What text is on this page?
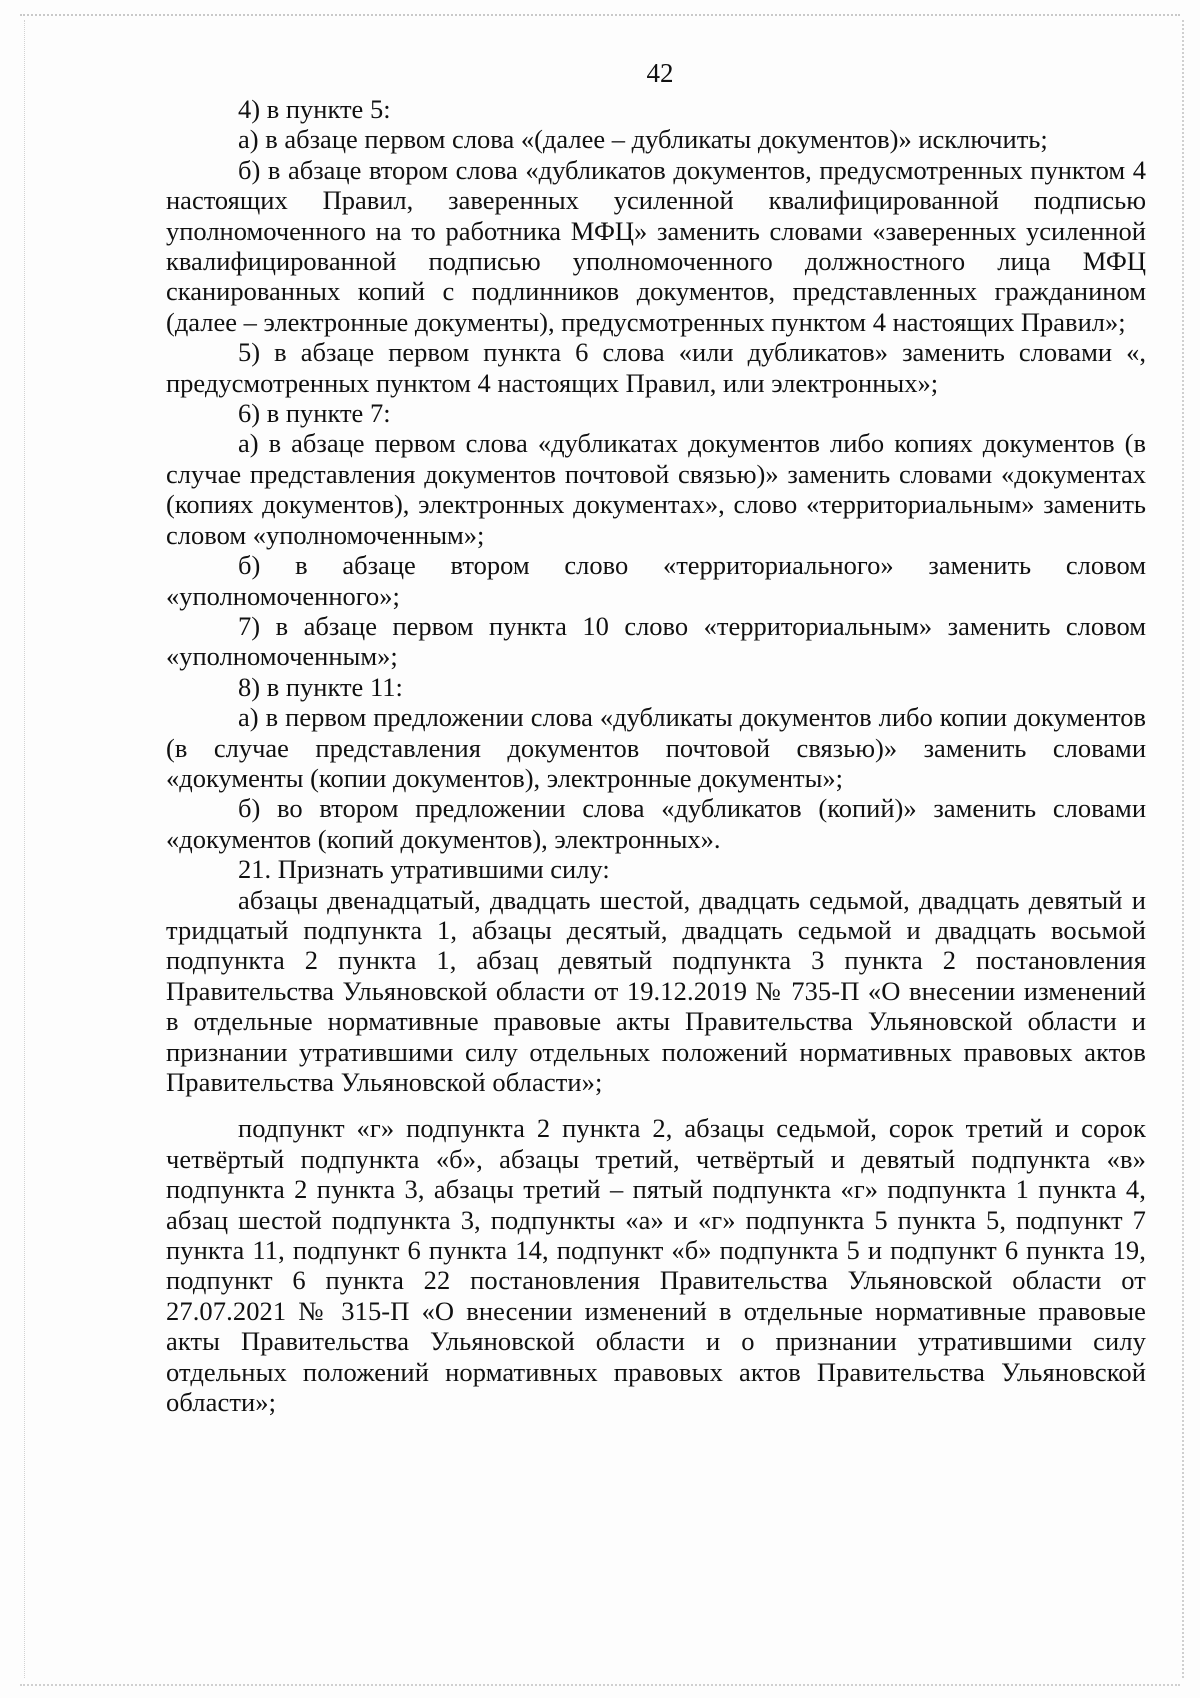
42

4) в пункте 5:

а) в абзаце первом слова «(далее – дубликаты документов)» исключить;

б) в абзаце втором слова «дубликатов документов, предусмотренных пунктом 4 настоящих Правил, заверенных усиленной квалифицированной подписью уполномоченного на то работника МФЦ» заменить словами «заверенных усиленной квалифицированной подписью уполномоченного должностного лица МФЦ сканированных копий с подлинников документов, представленных гражданином (далее – электронные документы), предусмотренных пунктом 4 настоящих Правил»;

5) в абзаце первом пункта 6 слова «или дубликатов» заменить словами «, предусмотренных пунктом 4 настоящих Правил, или электронных»;

6) в пункте 7:

а) в абзаце первом слова «дубликатах документов либо копиях документов (в случае представления документов почтовой связью)» заменить словами «документах (копиях документов), электронных документах», слово «территориальным» заменить словом «уполномоченным»;

б) в абзаце втором слово «территориального» заменить словом «уполномоченного»;

7) в абзаце первом пункта 10 слово «территориальным» заменить словом «уполномоченным»;

8) в пункте 11:

а) в первом предложении слова «дубликаты документов либо копии документов (в случае представления документов почтовой связью)» заменить словами «документы (копии документов), электронные документы»;

б) во втором предложении слова «дубликатов (копий)» заменить словами «документов (копий документов), электронных».

21. Признать утратившими силу:

абзацы двенадцатый, двадцать шестой, двадцать седьмой, двадцать девятый и тридцатый подпункта 1, абзацы десятый, двадцать седьмой и двадцать восьмой подпункта 2 пункта 1, абзац девятый подпункта 3 пункта 2 постановления Правительства Ульяновской области от 19.12.2019 № 735-П «О внесении изменений в отдельные нормативные правовые акты Правительства Ульяновской области и признании утратившими силу отдельных положений нормативных правовых актов Правительства Ульяновской области»;

подпункт «г» подпункта 2 пункта 2, абзацы седьмой, сорок третий и сорок четвёртый подпункта «б», абзацы третий, четвёртый и девятый подпункта «в» подпункта 2 пункта 3, абзацы третий – пятый подпункта «г» подпункта 1 пункта 4, абзац шестой подпункта 3, подпункты «а» и «г» подпункта 5 пункта 5, подпункт 7 пункта 11, подпункт 6 пункта 14, подпункт «б» подпункта 5 и подпункт 6 пункта 19, подпункт 6 пункта 22 постановления Правительства Ульяновской области от 27.07.2021 № 315-П «О внесении изменений в отдельные нормативные правовые акты Правительства Ульяновской области и о признании утратившими силу отдельных положений нормативных правовых актов Правительства Ульяновской области»;
